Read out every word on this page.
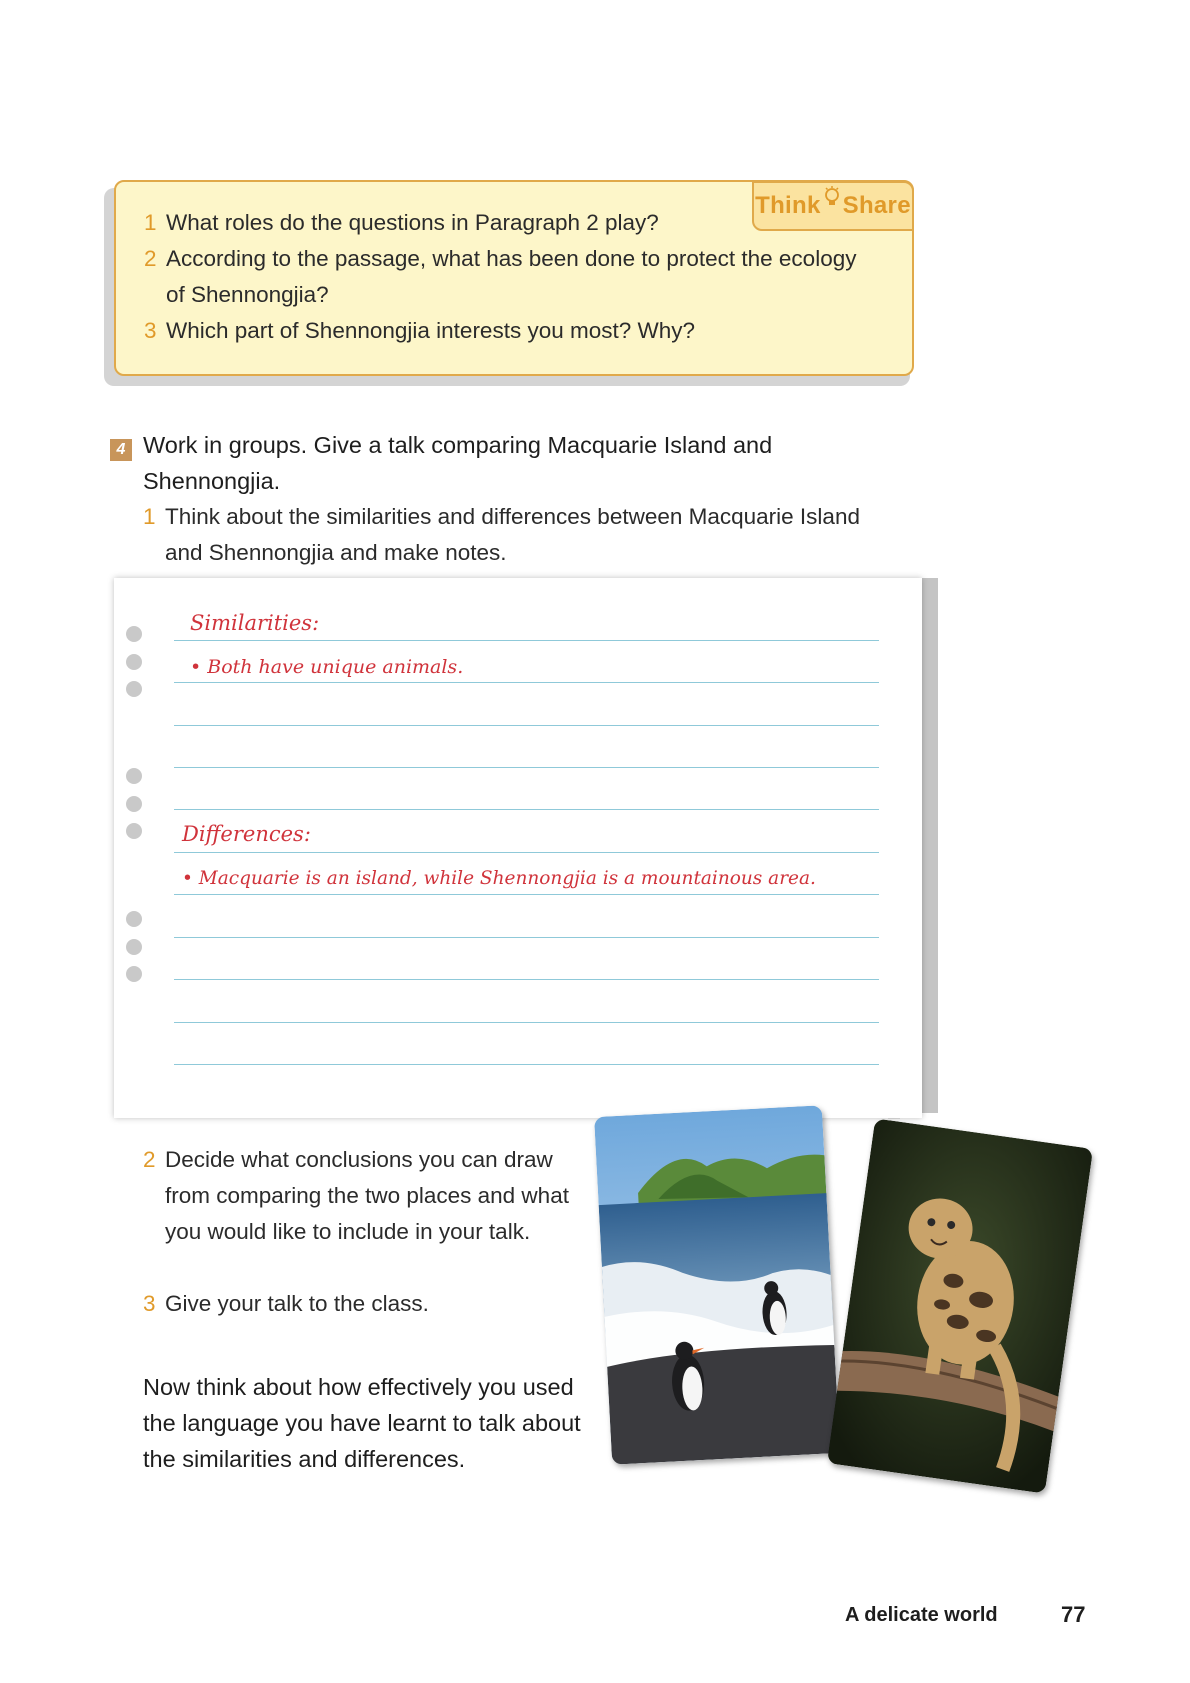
Think Share
1 What roles do the questions in Paragraph 2 play?
2 According to the passage, what has been done to protect the ecology of Shennongjia?
3 Which part of Shennongjia interests you most? Why?
4 Work in groups. Give a talk comparing Macquarie Island and Shennongjia.
1 Think about the similarities and differences between Macquarie Island and Shennongjia and make notes.
Similarities:
• Both have unique animals.
Differences:
• Macquarie is an island, while Shennongjia is a mountainous area.
2 Decide what conclusions you can draw from comparing the two places and what you would like to include in your talk.
3 Give your talk to the class.
Now think about how effectively you used the language you have learnt to talk about the similarities and differences.
A delicate world	77
